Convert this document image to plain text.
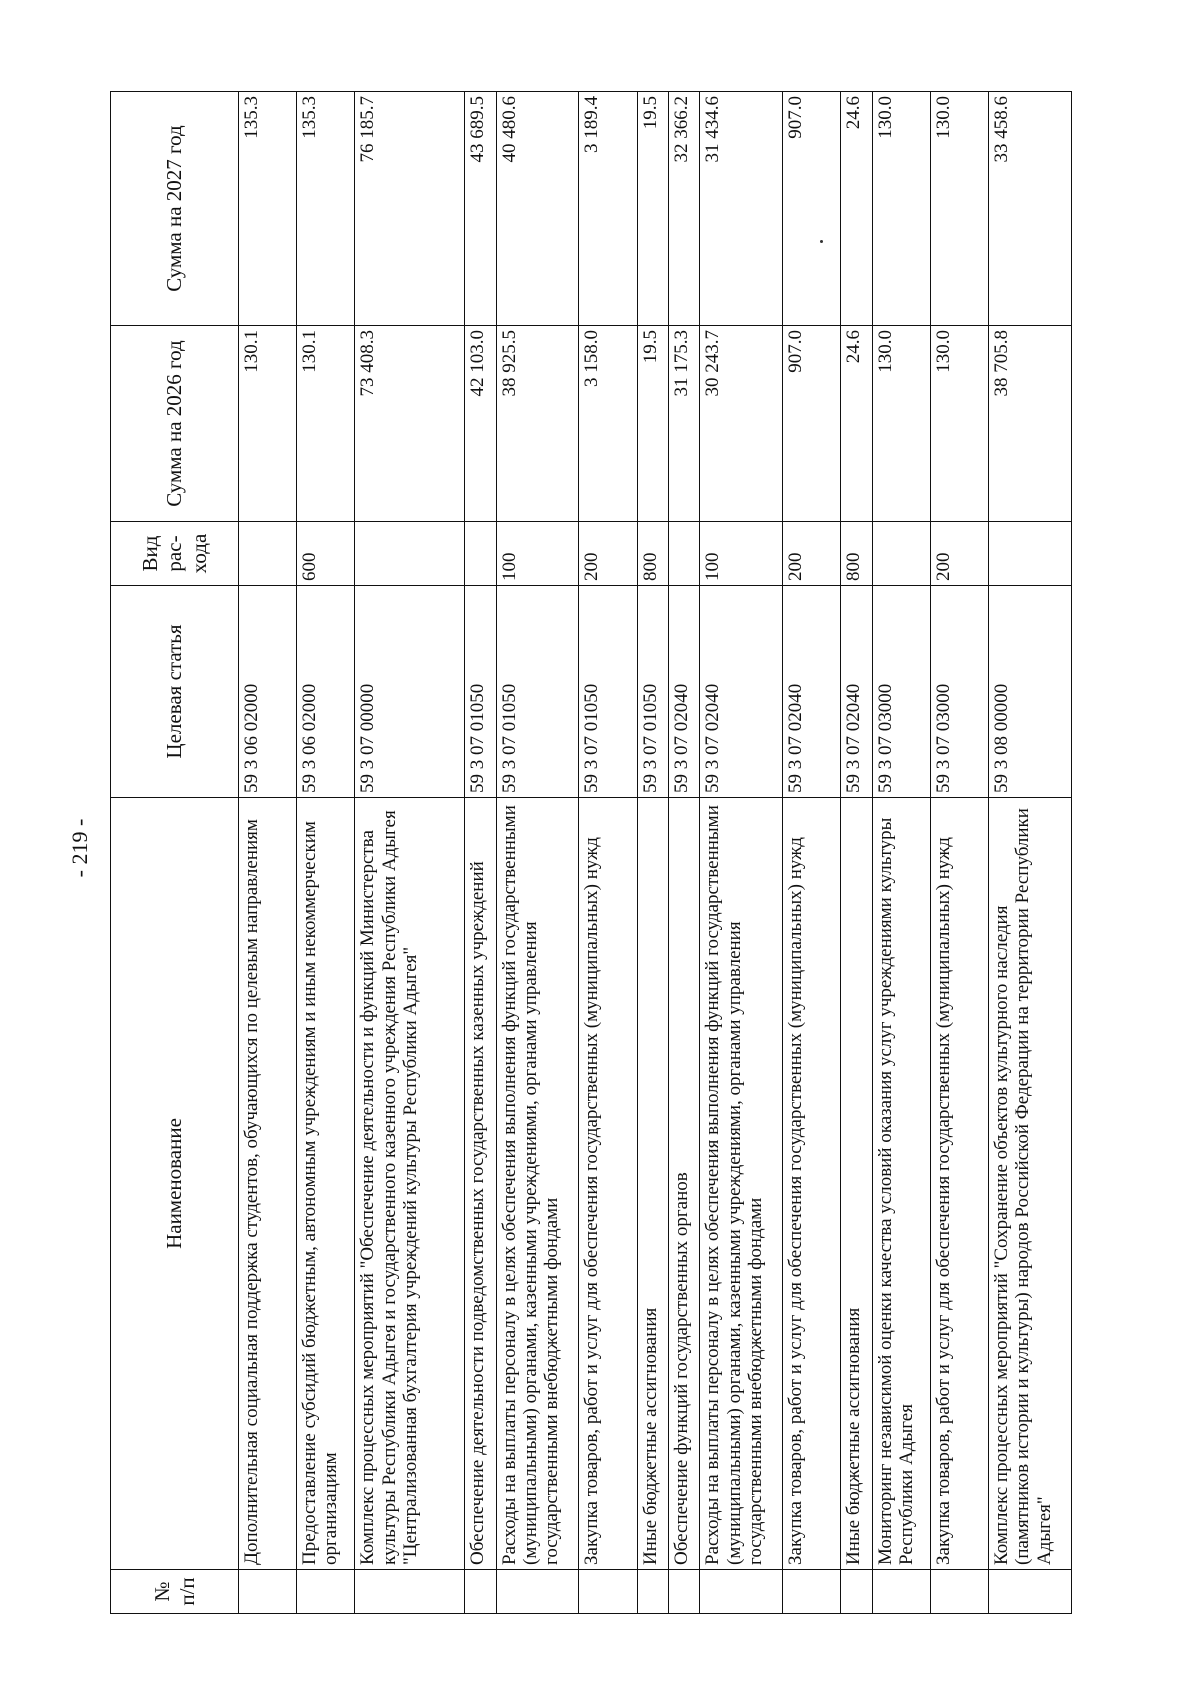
- 219 -
№ п/п	Наименование	Целевая статья	Вид рас-хода	Сумма на 2026 год	Сумма на 2027 год
	Дополнительная социальная поддержка студентов, обучающихся по целевым направлениям	59 3 06 02000		130.1	135.3
	Предоставление субсидий бюджетным, автономным учреждениям и иным некоммерческим организациям	59 3 06 02000	600	130.1	135.3
	Комплекс процессных мероприятий "Обеспечение деятельности и функций Министерства культуры Республики Адыгея и государственного казенного учреждения Республики Адыгея "Централизованная бухгалтерия учреждений культуры Республики Адыгея"	59 3 07 00000		73 408.3	76 185.7
	Обеспечение деятельности подведомственных государственных казенных учреждений	59 3 07 01050		42 103.0	43 689.5
	Расходы на выплаты персоналу в целях обеспечения выполнения функций государственными (муниципальными) органами, казенными учреждениями, органами управления государственными внебюджетными фондами	59 3 07 01050	100	38 925.5	40 480.6
	Закупка товаров, работ и услуг для обеспечения государственных (муниципальных) нужд	59 3 07 01050	200	3 158.0	3 189.4
	Иные бюджетные ассигнования	59 3 07 01050	800	19.5	19.5
	Обеспечение функций государственных органов	59 3 07 02040		31 175.3	32 366.2
	Расходы на выплаты персоналу в целях обеспечения выполнения функций государственными (муниципальными) органами, казенными учреждениями, органами управления государственными внебюджетными фондами	59 3 07 02040	100	30 243.7	31 434.6
	Закупка товаров, работ и услуг для обеспечения государственных (муниципальных) нужд	59 3 07 02040	200	907.0	907.0
	Иные бюджетные ассигнования	59 3 07 02040	800	24.6	24.6
	Мониторинг независимой оценки качества условий оказания услуг учреждениями культуры Республики Адыгея	59 3 07 03000		130.0	130.0
	Закупка товаров, работ и услуг для обеспечения государственных (муниципальных) нужд	59 3 07 03000	200	130.0	130.0
	Комплекс процессных мероприятий "Сохранение объектов культурного наследия (памятников истории и культуры) народов Российской Федерации на территории Республики Адыгея"	59 3 08 00000		38 705.8	33 458.6
